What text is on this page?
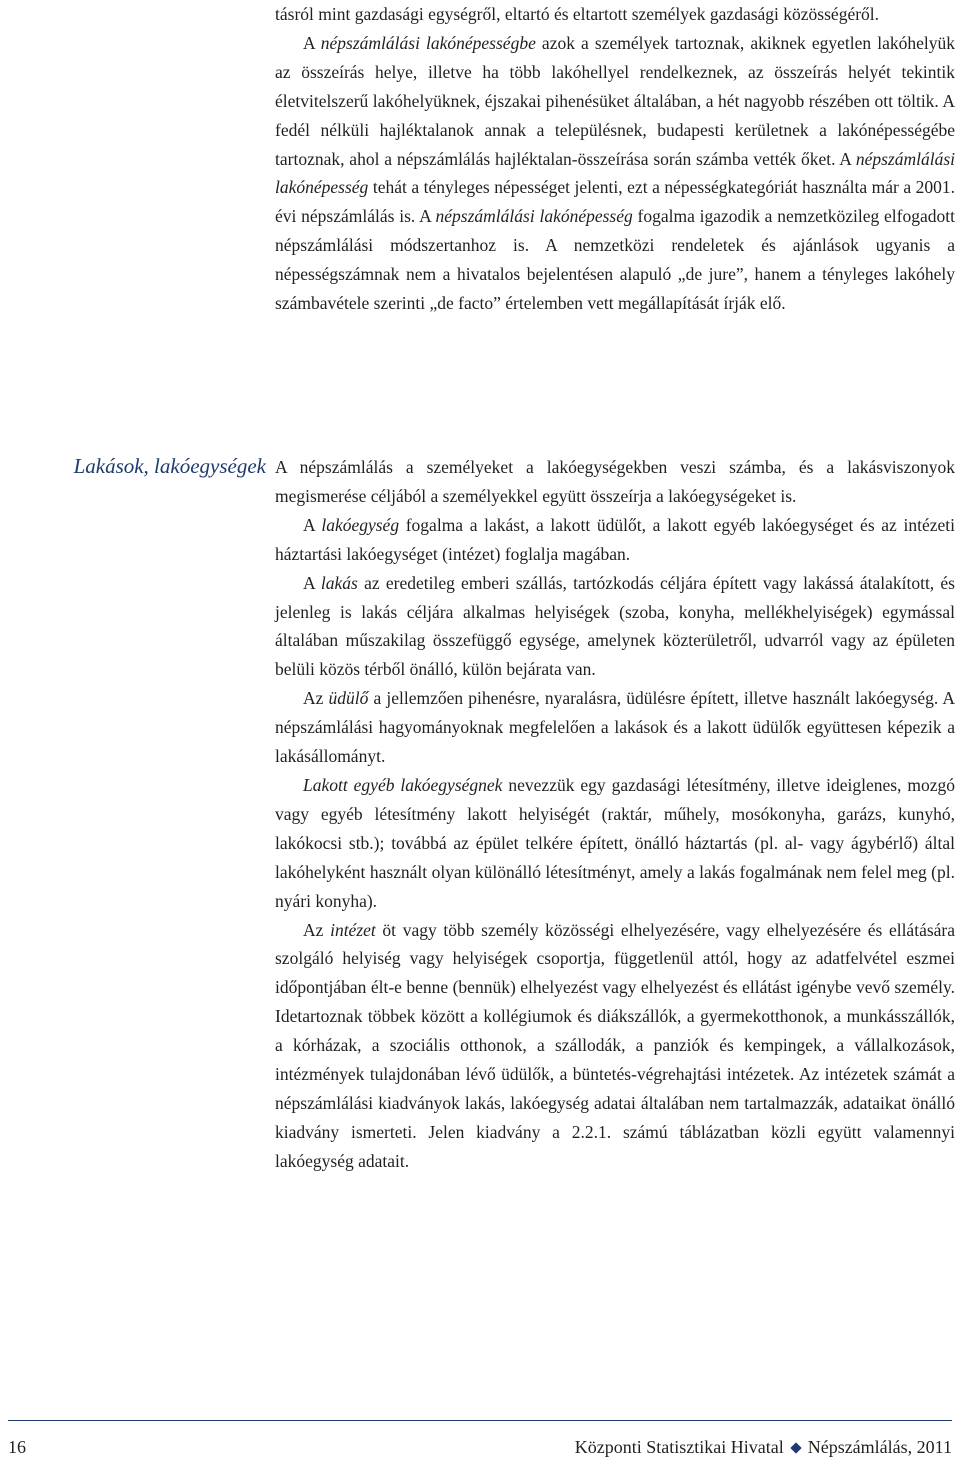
tásról mint gazdasági egységről, eltartó és eltartott személyek gazdasági közösségéről.

A népszámlálási lakónépességbe azok a személyek tartoznak, akiknek egyetlen lakóhelyük az összeírás helye, illetve ha több lakóhellyel rendelkeznek, az összeírás helyét tekintik életvitelszerű lakóhelyüknek, éjszakai pihenésüket általában, a hét nagyobb részében ott töltik. A fedél nélküli hajléktalanok annak a településnek, budapesti kerületnek a lakónépességébe tartoznak, ahol a népszámlálás hajléktalan-összeírása során számba vették őket. A népszámlálási lakónépesség tehát a tényleges népességet jelenti, ezt a népességkategóriát használta már a 2001. évi népszámlálás is. A népszámlálási lakónépesség fogalma igazodik a nemzetközileg elfogadott népszámlálási módszertanhoz is. A nemzetközi rendeletek és ajánlások ugyanis a népességszámnak nem a hivatalos bejelentésen alapuló „de jure”, hanem a tényleges lakóhely számbavétele szerinti „de facto” értelemben vett megállapítását írják elő.

Lakások, lakóegységek A népszámlálás a személyeket a lakóegységekben veszi számba, és a lakásviszonyok megismerése céljából a személyekkel együtt összeírja a lakóegységeket is.

A lakóegység fogalma a lakást, a lakott üdülőt, a lakott egyéb lakóegységet és az intézeti háztartási lakóegységet (intézet) foglalja magában.

A lakás az eredetileg emberi szállás, tartózkodás céljára épített vagy lakássá átalakított, és jelenleg is lakás céljára alkalmas helyiségek (szoba, konyha, mellékhelyiségek) egymással általában műszakilag összefüggő egysége, amelynek közterületről, udvarról vagy az épületen belüli közös térből önálló, külön bejárata van.

Az üdülő a jellemzően pihenésre, nyaralásra, üdülésre épített, illetve használt lakóegység. A népszámlálási hagyományoknak megfelelően a lakások és a lakott üdülők együttesen képezik a lakásállományt.

Lakott egyéb lakóegységnek nevezzük egy gazdasági létesítmény, illetve ideiglenes, mozgó vagy egyéb létesítmény lakott helyiségét (raktár, műhely, mosókonyha, garázs, kunyhó, lakókocsi stb.); továbbá az épület telkére épített, önálló háztartás (pl. al- vagy ágybérlő) által lakóhelyként használt olyan különálló létesítményt, amely a lakás fogalmának nem felel meg (pl. nyári konyha).

Az intézet öt vagy több személy közösségi elhelyezésére, vagy elhelyezésére és ellátására szolgáló helyiség vagy helyiségek csoportja, függetlenül attól, hogy az adatfelvétel eszmei időpontjában élt-e benne (bennük) elhelyezést vagy elhelyezést és ellátást igénybe vevő személy. Idetartoznak többek között a kollégiumok és diákszállók, a gyermekotthonok, a munkásszállók, a kórházak, a szociális otthonok, a szállodák, a panziók és kempingek, a vállalkozások, intézmények tulajdonában lévő üdülők, a büntetés-végrehajtási intézetek. Az intézetek számát a népszámlálási kiadványok lakás, lakóegység adatai általában nem tartalmazzák, adataikat önálló kiadvány ismerteti. Jelen kiadvány a 2.2.1. számú táblázatban közli együtt valamennyi lakóegység adatait.

16	Központi Statisztikai Hivatal Népszámlálás, 2011
